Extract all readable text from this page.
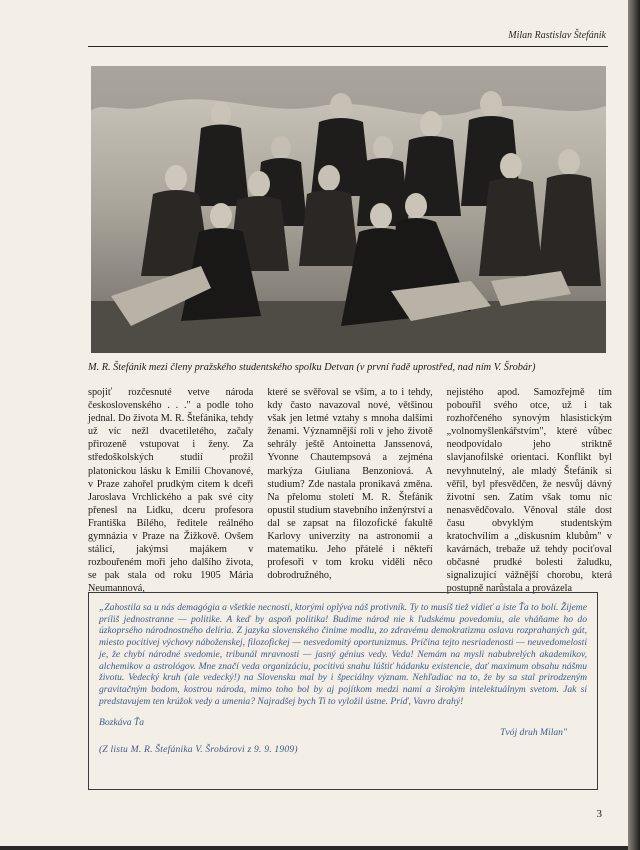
Milan Rastislav Štefánik
M. R. Štefánik mezi členy pražského studentského spolku Detvan (v první řadě uprostřed, nad ním V. Šrobár)

spojiť rozčesnuté vetve národa československého . . ." a podle toho jednal. Do života M. R. Štefánika, tehdy už víc nežl dvacetiletého, začaly přirozeně vstupovat i ženy. Za středoškolských studií prožil platonickou lásku k Emilii Chovanové, v Praze zahořel prudkým citem k dceři Jaroslava Vrchlického a pak své city přenesl na Lidku, dceru profesora Františka Bílého, ředitele reálného gymnázia v Praze na Žižkově. Ovšem stálicí, jakýmsi majákem v rozbouřeném moři jeho dalšího života, se pak stala od roku 1905 Mária Neumannová,

které se svěřoval se vším, a to i tehdy, kdy často navazoval nové, většinou však jen letmé vztahy s mnoha dalšími ženami. Významnější roli v jeho životě sehrály ještě Antoinetta Janssenová, Yvonne Chautempsová a zejména markýza Giuliana Benzoniová. A studium? Zde nastala pronikavá změna. Na přelomu století M. R. Štefánik opustil studium stavebního inženýrství a dal se zapsat na filozofické fakultě Karlovy univerzity na astronomii a matematiku. Jeho přátelé i někteří profesoři v tom kroku viděli něco dobrodružného,

nejistého apod. Samozřejmě tím pobouřil svého otce, už i tak rozhořčeného synovým hlasistickým „volnomyšlenkářstvím", které vůbec neodpovídalo jeho striktně slavjanofilské orientaci. Konflikt byl nevyhnutelný, ale mladý Štefánik si věřil, byl přesvědčen, že nesvůj dávný životní sen. Zatím však tomu nic nenasvědčovalo. Věnoval stále dost času obvyklým studentským kratochvílím a „diskusním klubům" v kavárnách, trebaže už tehdy pociťoval občasné prudké bolesti žaludku, signalizující vážnější chorobu, která postupně narůstala a provázela

„Zahostila sa u nás demagógia a všetkie necnosti, ktorými oplýva náš protivník. Ty to musíš tiež vidieť a iste Ťa to bolí. Žijeme príliš jednostranne — politike. A keď by aspoň politika! Budime národ nie k ľudskému povedomiu, ale vháňame ho do úzkoprsého národnostného delíria. Z jazyka slovenského činime modlu, zo zdravému demokratizmu oslavu rozprahaných gát, miesto pocitivej výchovy náboženskej, filozofickej — nesvedomitý oportunizmus. Príčina tejto nesriadenosti — neuvedomelosti je, že chybí národné svedomie, tribunál mravnosti — jasný génius vedy. Veda! Nemám na mysli nabubrelých akademikov, alchemikov a astrológov. Mne značí veda organizáciu, pocitivú snahu lúštiť hádanku existencie, dať maximum obsahu nášmu životu. Vedecký kruh (ale vedecký!) na Slovensku mal by i špeciálny význam. Nehľadiac na to, že by sa stal prirodzeným gravitačným bodom, kostrou národa, mimo toho bol by aj pojítkom medzi nami a širokým intelektuálnym svetom. Jak si predstavujem ten krúžok vedy a umenia? Najradšej bych Ti to vyložil ústne. Príď, Vavro drahý!

Bozkáva Ťa
Tvój druh Milan"
(Z listu M. R. Štefánika V. Šrobárovi z 9. 9. 1909)
3
